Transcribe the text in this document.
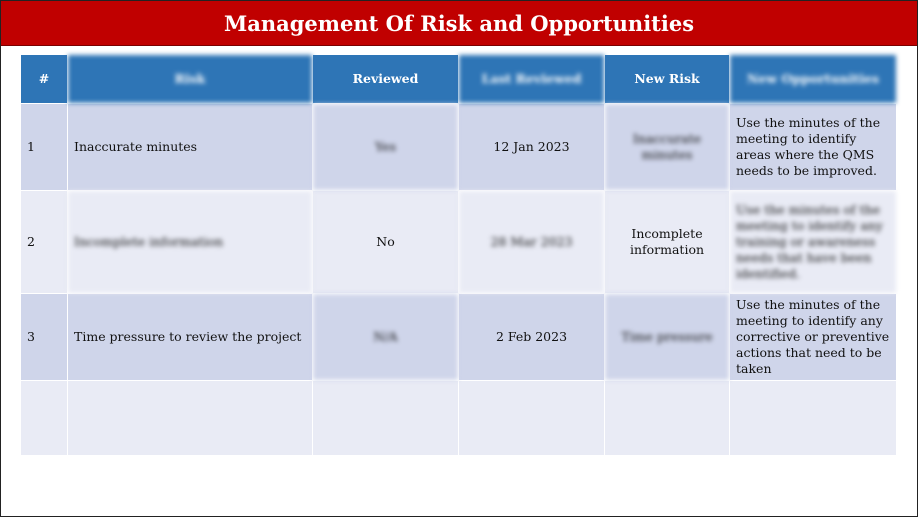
Management Of Risk and Opportunities
#	Risk	Reviewed	Last Reviewed	New Risk	New Opportunities
1	Inaccurate minutes	Yes	12 Jan 2023	Inaccurate minutes	Use the minutes of the meeting to identify areas where the QMS needs to be improved.
2	Incomplete information	No	28 Mar 2023	Incomplete information	Use the minutes of the meeting to identify any training or awareness needs that have been identified.
3	Time pressure to review the project	N/A	2 Feb 2023	Time pressure	Use the minutes of the meeting to identify any corrective or preventive actions that need to be taken
